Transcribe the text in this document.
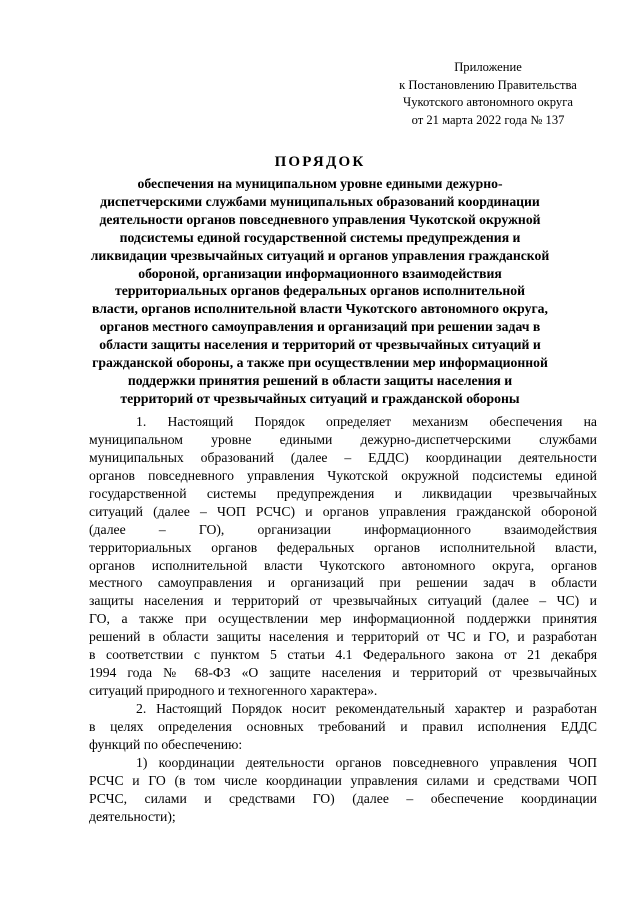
Приложение
к Постановлению Правительства
Чукотского автономного округа
от 21 марта 2022 года № 137
ПОРЯДОК
обеспечения на муниципальном уровне едиными дежурно-
диспетчерскими службами муниципальных образований координации
деятельности органов повседневного управления Чукотской окружной
подсистемы единой государственной системы предупреждения и
ликвидации чрезвычайных ситуаций и органов управления гражданской
обороной, организации информационного взаимодействия
территориальных органов федеральных органов исполнительной
власти, органов исполнительной власти Чукотского автономного округа,
органов местного самоуправления и организаций при решении задач в
области защиты населения и территорий от чрезвычайных ситуаций и
гражданской обороны, а также при осуществлении мер информационной
поддержки принятия решений в области защиты населения и
территорий от чрезвычайных ситуаций и гражданской обороны
1. Настоящий Порядок определяет механизм обеспечения на
муниципальном уровне едиными дежурно-диспетчерскими службами
муниципальных образований (далее – ЕДДС) координации деятельности
органов повседневного управления Чукотской окружной подсистемы единой
государственной системы предупреждения и ликвидации чрезвычайных
ситуаций (далее – ЧОП РСЧС) и органов управления гражданской обороной
(далее – ГО), организации информационного взаимодействия
территориальных органов федеральных органов исполнительной власти,
органов исполнительной власти Чукотского автономного округа, органов
местного самоуправления и организаций при решении задач в области
защиты населения и территорий от чрезвычайных ситуаций (далее – ЧС) и
ГО, а также при осуществлении мер информационной поддержки принятия
решений в области защиты населения и территорий от ЧС и ГО, и разработан
в соответствии с пунктом 5 статьи 4.1 Федерального закона от 21 декабря
1994 года № 68-ФЗ «О защите населения и территорий от чрезвычайных
ситуаций природного и техногенного характера».
2. Настоящий Порядок носит рекомендательный характер и разработан
в целях определения основных требований и правил исполнения ЕДДС
функций по обеспечению:
1) координации деятельности органов повседневного управления ЧОП
РСЧС и ГО (в том числе координации управления силами и средствами ЧОП
РСЧС, силами и средствами ГО) (далее – обеспечение координации
деятельности);
